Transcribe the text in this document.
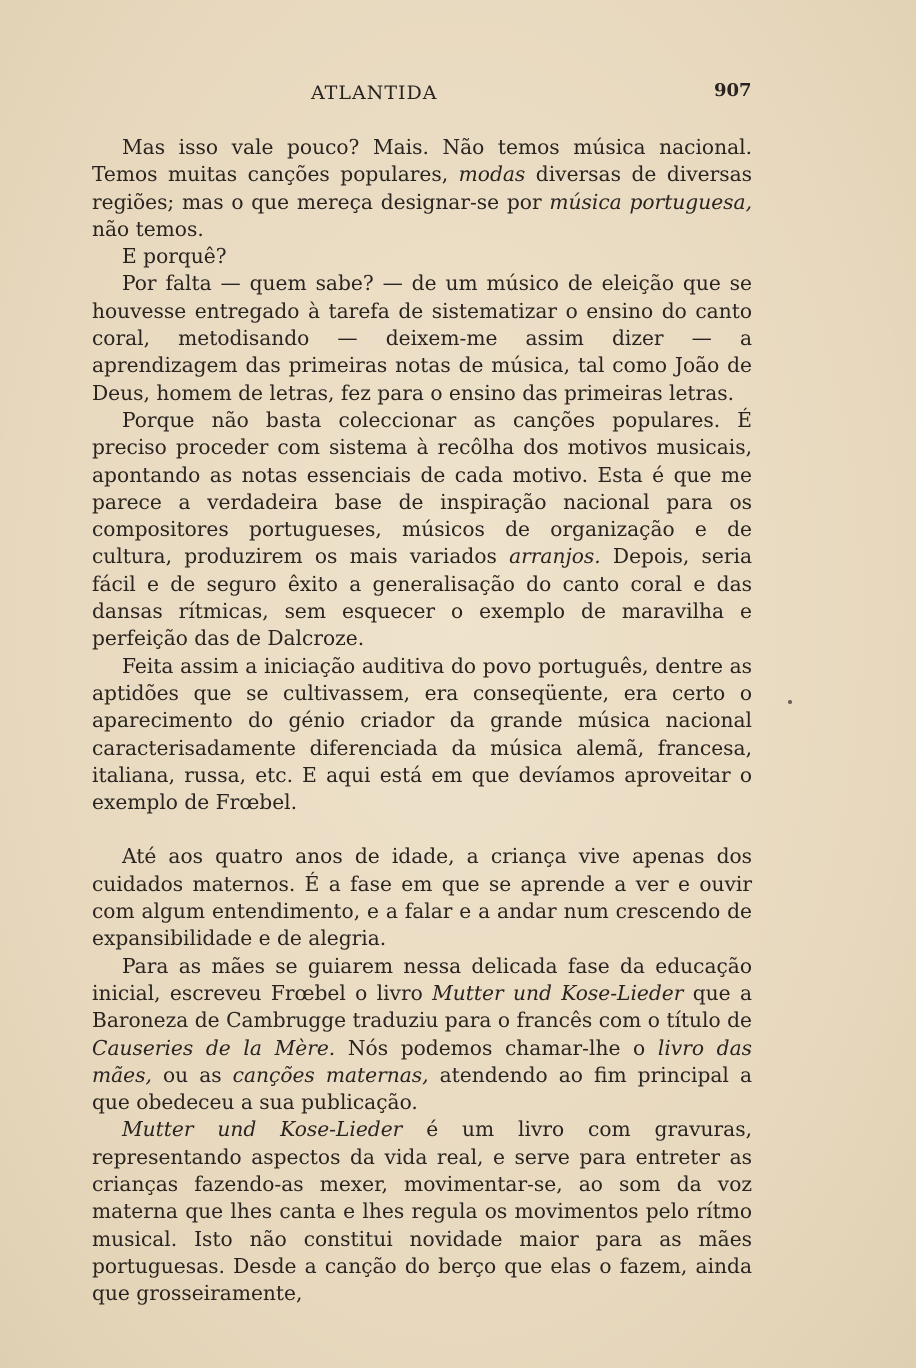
ATLANTIDA	907

Mas isso vale pouco? Mais. Não temos música nacional. Temos muitas canções populares, modas diversas de diversas regiões; mas o que mereça designar-se por música portuguesa, não temos.

E porquê?

Por falta — quem sabe? — de um músico de eleição que se houvesse entregado à tarefa de sistematizar o ensino do canto coral, metodisando — deixem-me assim dizer — a aprendizagem das primeiras notas de música, tal como João de Deus, homem de letras, fez para o ensino das primeiras letras.

Porque não basta coleccionar as canções populares. É preciso proceder com sistema à recôlha dos motivos musicais, apontando as notas essenciais de cada motivo. Esta é que me parece a verdadeira base de inspiração nacional para os compositores portugueses, músicos de organização e de cultura, produzirem os mais variados arranjos. Depois, seria fácil e de seguro êxito a generalisação do canto coral e das dansas rítmicas, sem esquecer o exemplo de maravilha e perfeição das de Dalcroze.

Feita assim a iniciação auditiva do povo português, dentre as aptidões que se cultivassem, era conseqüente, era certo o aparecimento do génio criador da grande música nacional caracterisadamente diferenciada da música alemã, francesa, italiana, russa, etc. E aqui está em que devíamos aproveitar o exemplo de Frœbel.

Até aos quatro anos de idade, a criança vive apenas dos cuidados maternos. É a fase em que se aprende a ver e ouvir com algum entendimento, e a falar e a andar num crescendo de expansibilidade e de alegria.

Para as mães se guiarem nessa delicada fase da educação inicial, escreveu Frœbel o livro Mutter und Kose-Lieder que a Baroneza de Cambrugge traduziu para o francês com o título de Causeries de la Mère. Nós podemos chamar-lhe o livro das mães, ou as canções maternas, atendendo ao fim principal a que obedeceu a sua publicação.

Mutter und Kose-Lieder é um livro com gravuras, representando aspectos da vida real, e serve para entreter as crianças fazendo-as mexer, movimentar-se, ao som da voz materna que lhes canta e lhes regula os movimentos pelo rítmo musical. Isto não constitui novidade maior para as mães portuguesas. Desde a canção do berço que elas o fazem, ainda que grosseiramente,
